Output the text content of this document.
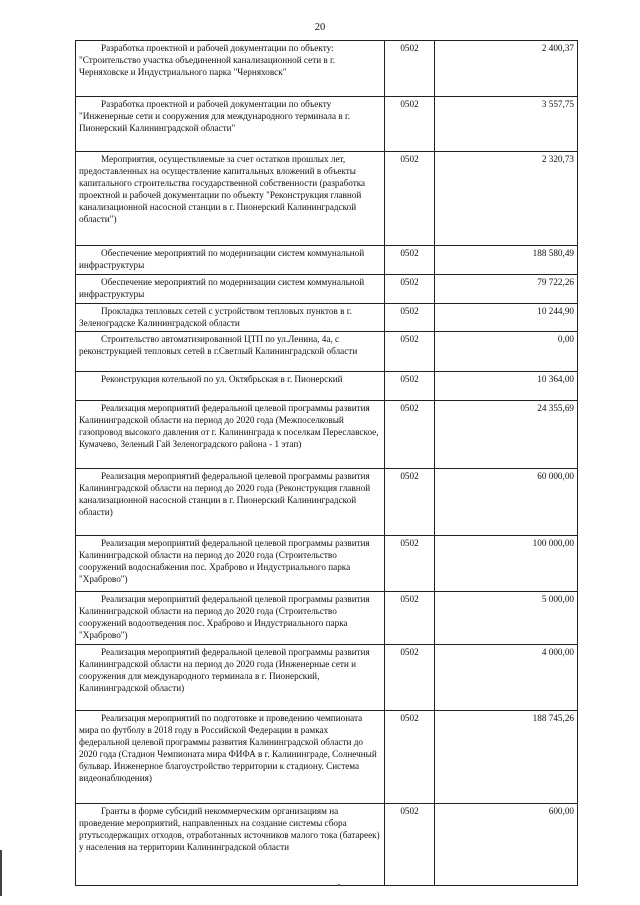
20
Разработка проектной и рабочей документации по объекту: "Строительство участка объединенной канализационной сети в г. Черняховске и Индустриального парка "Черняховск"	0502	2 400,37
Разработка проектной и рабочей документации по объекту "Инженерные сети и сооружения для международного терминала в г. Пионерский Калининградской области"	0502	3 557,75
Мероприятия, осуществляемые за счет остатков прошлых лет, предоставленных на осуществление капитальных вложений в объекты капитального строительства государственной собственности (разработка проектной и рабочей документации по объекту "Реконструкция главной канализационной насосной станции в г. Пионерский Калининградской области")	0502	2 320,73
Обеспечение мероприятий по модернизации систем коммунальной инфраструктуры	0502	188 580,49
Обеспечение мероприятий по модернизации систем коммунальной инфраструктуры	0502	79 722,26
Прокладка тепловых сетей с устройством тепловых пунктов в г. Зеленоградске Калининградской области	0502	10 244,90
Строительство автоматизированной ЦТП по ул.Ленина, 4а, с реконструкцией тепловых сетей в г.Светлый Калининградской области	0502	0,00
Реконструкция котельной по ул. Октябрьская в г. Пионерский	0502	10 364,00
Реализация мероприятий федеральной целевой программы развития Калининградской области на период до 2020 года (Межпоселковый газопровод высокого давления от г. Калининграда к поселкам Переславское, Кумачево, Зеленый Гай Зеленоградского района - 1 этап)	0502	24 355,69
Реализация мероприятий федеральной целевой программы развития Калининградской области на период до 2020 года (Реконструкция главной канализационной насосной станции в г. Пионерский Калининградской области)	0502	60 000,00
Реализация мероприятий федеральной целевой программы развития Калининградской области на период до 2020 года (Строительство сооружений водоснабжения пос. Храброво и Индустриального парка "Храброво")	0502	100 000,00
Реализация мероприятий федеральной целевой программы развития Калининградской области на период до 2020 года (Строительство сооружений водоотведения пос. Храброво и Индустриального парка "Храброво")	0502	5 000,00
Реализация мероприятий федеральной целевой программы развития Калининградской области на период до 2020 года (Инженерные сети и сооружения для международного терминала в г. Пионерский, Калининградской области)	0502	4 000,00
Реализация мероприятий по подготовке и проведению чемпионата мира по футболу в 2018 году в Российской Федерации в рамках федеральной целевой программы развития Калининградской области до 2020 года (Стадион Чемпионата мира ФИФА в г. Калининграде, Солнечный бульвар. Инженерное благоустройство территории к стадиону. Система видеонаблюдения)	0502	188 745,26
Гранты в форме субсидий некоммерческим организациям на проведение мероприятий, направленных на создание системы сбора ртутьсодержащих отходов, отработанных источников малого тока (батареек) у населения на территории Калининградской области	0502	600,00
